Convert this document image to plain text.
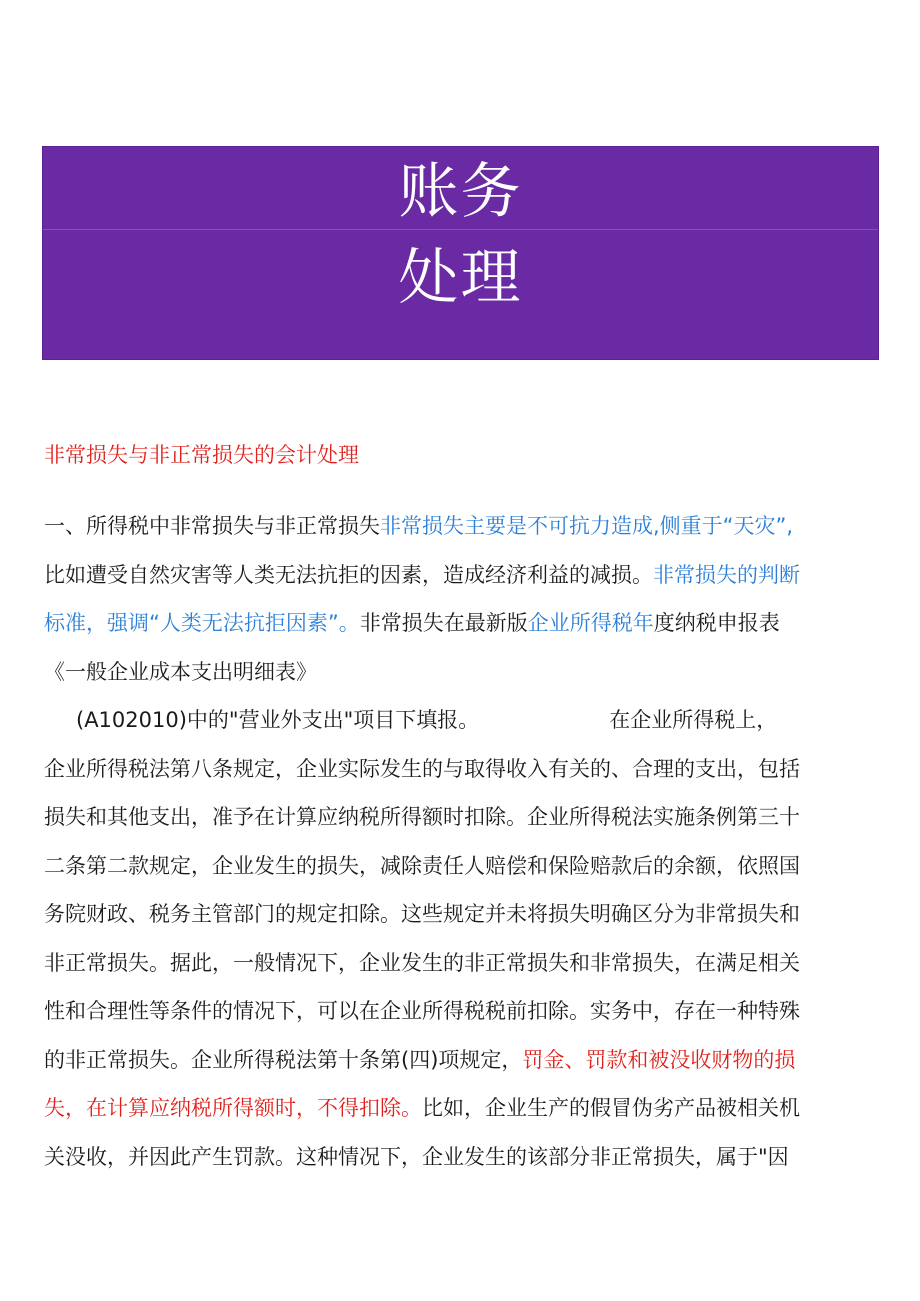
账务
处理
非常损失与非正常损失的会计处理
一、所得税中非常损失与非正常损失非常损失主要是不可抗力造成,侧重于“天灾”,
比如遭受自然灾害等人类无法抗拒的因素，造成经济利益的减损。非常损失的判断
标准，强调“人类无法抗拒因素”。非常损失在最新版企业所得税年度纳税申报表
《一般企业成本支出明细表》
(A102010)中的"营业外支出"项目下填报。	在企业所得税上，
企业所得税法第八条规定，企业实际发生的与取得收入有关的、合理的支出，包括
损失和其他支出，准予在计算应纳税所得额时扣除。企业所得税法实施条例第三十
二条第二款规定，企业发生的损失，减除责任人赔偿和保险赔款后的余额，依照国
务院财政、税务主管部门的规定扣除。这些规定并未将损失明确区分为非常损失和
非正常损失。据此，一般情况下，企业发生的非正常损失和非常损失，在满足相关
性和合理性等条件的情况下，可以在企业所得税税前扣除。实务中，存在一种特殊
的非正常损失。企业所得税法第十条第(四)项规定，罚金、罚款和被没收财物的损
失，在计算应纳税所得额时，不得扣除。比如，企业生产的假冒伪劣产品被相关机
关没收，并因此产生罚款。这种情况下，企业发生的该部分非正常损失，属于"因
